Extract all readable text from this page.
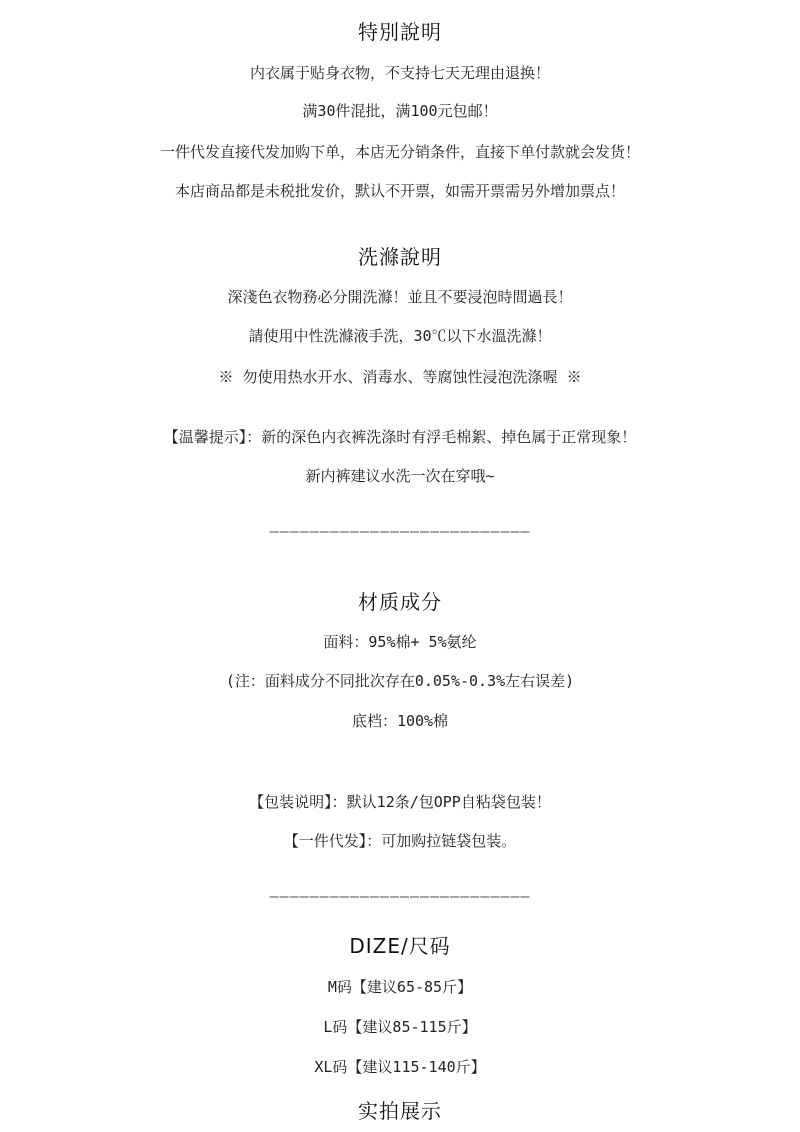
特別說明
内衣属于贴身衣物，不支持七天无理由退换！
满30件混批，满100元包邮！
一件代发直接代发加购下单，本店无分销条件，直接下单付款就会发货！
本店商品都是未税批发价，默认不开票，如需开票需另外增加票点！
洗滌說明
深淺色衣物務必分開洗滌！並且不要浸泡時間過長！
請使用中性洗滌液手洗，30℃以下水溫洗滌！
※ 勿使用热水开水、消毒水、等腐蚀性浸泡洗涤喔 ※
【温馨提示】：新的深色内衣裤洗涤时有浮毛棉絮、掉色属于正常现象！
新内裤建议水洗一次在穿哦~
——————————————————————————
材质成分
面料：95%棉+ 5%氨纶
(注：面料成分不同批次存在0.05%-0.3%左右误差)
底档：100%棉
【包装说明】：默认12条/包OPP自粘袋包装！
【一件代发】：可加购拉链袋包装。
——————————————————————————
DIZE/尺码
M码【建议65-85斤】
L码【建议85-115斤】
XL码【建议115-140斤】
实拍展示
